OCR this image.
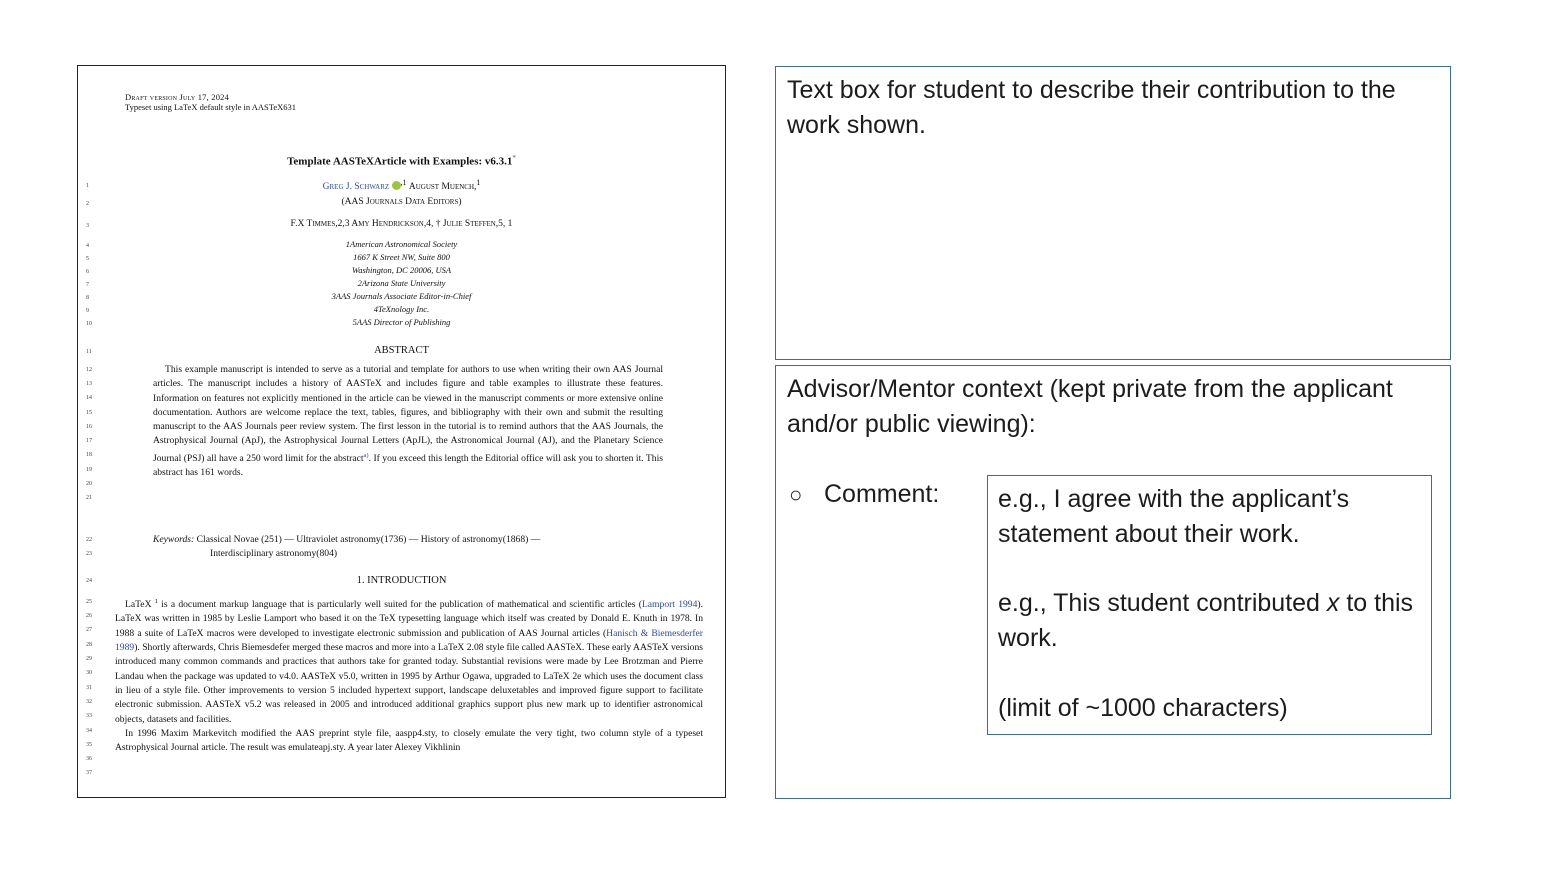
Draft version July 17, 2024
Typeset using LaTeX default style in AASTeX631
Template AASTeXArticle with Examples: v6.3.1*
Greg J. Schwarz $^{,1}$ August Muench,$^1$
(AAS Journals Data Editors)
F.X Timmes,2,3 Amy Hendrickson,4, † Julie Steffen,5, 1
1American Astronomical Society
1667 K Street NW, Suite 800
Washington, DC 20006, USA
2Arizona State University
3AAS Journals Associate Editor-in-Chief
4TeXnology Inc.
5AAS Director of Publishing
ABSTRACT
This example manuscript is intended to serve as a tutorial and template for authors to use when writing their own AAS Journal articles. The manuscript includes a history of AASTeX and includes figure and table examples to illustrate these features. Information on features not explicitly mentioned in the article can be viewed in the manuscript comments or more extensive online documentation. Authors are welcome replace the text, tables, figures, and bibliography with their own and submit the resulting manuscript to the AAS Journals peer review system. The first lesson in the tutorial is to remind authors that the AAS Journals, the Astrophysical Journal (ApJ), the Astrophysical Journal Letters (ApJL), the Astronomical Journal (AJ), and the Planetary Science Journal (PSJ) all have a 250 word limit for the abstract$^{a)}$. If you exceed this length the Editorial office will ask you to shorten it. This abstract has 161 words.
Keywords: Classical Novae (251) — Ultraviolet astronomy(1736) — History of astronomy(1868) —
Interdisciplinary astronomy(804)
1. INTRODUCTION

LaTeX $^1$ is a document markup language that is particularly well suited for the publication of mathematical and scientific articles (Lamport 1994). LaTeX was written in 1985 by Leslie Lamport who based it on the TeX typesetting language which itself was created by Donald E. Knuth in 1978. In 1988 a suite of LaTeX macros were developed to investigate electronic submission and publication of AAS Journal articles (Hanisch & Biemesderfer 1989). Shortly afterwards, Chris Biemesdefer merged these macros and more into a LaTeX 2.08 style file called AASTeX. These early AASTeX versions introduced many common commands and practices that authors take for granted today. Substantial revisions were made by Lee Brotzman and Pierre Landau when the package was updated to v4.0. AASTeX v5.0, written in 1995 by Arthur Ogawa, upgraded to LaTeX 2e which uses the document class in lieu of a style file. Other improvements to version 5 included hypertext support, landscape deluxetables and improved figure support to facilitate electronic submission. AASTeX v5.2 was released in 2005 and introduced additional graphics support plus new mark up to identifier astronomical objects, datasets and facilities.

In 1996 Maxim Markevitch modified the AAS preprint style file, aaspp4.sty, to closely emulate the very tight, two column style of a typeset Astrophysical Journal article. The result was emulateapj.sty. A year later Alexey Vikhlinin

1
2
3
4
5
6
7
8
9
10
11
12
13
14
15
16
17
18
19
20
21
22
23
24
25
26
27
28
29
30
31
32
33
34
35
36
37
Text box for student to describe their contribution to the work shown.
Advisor/Mentor context (kept private from the applicant and/or public viewing):
○ Comment: e.g., I agree with the applicant’s statement about their work.
e.g., This student contributed x to this work.
(limit of ~1000 characters)
